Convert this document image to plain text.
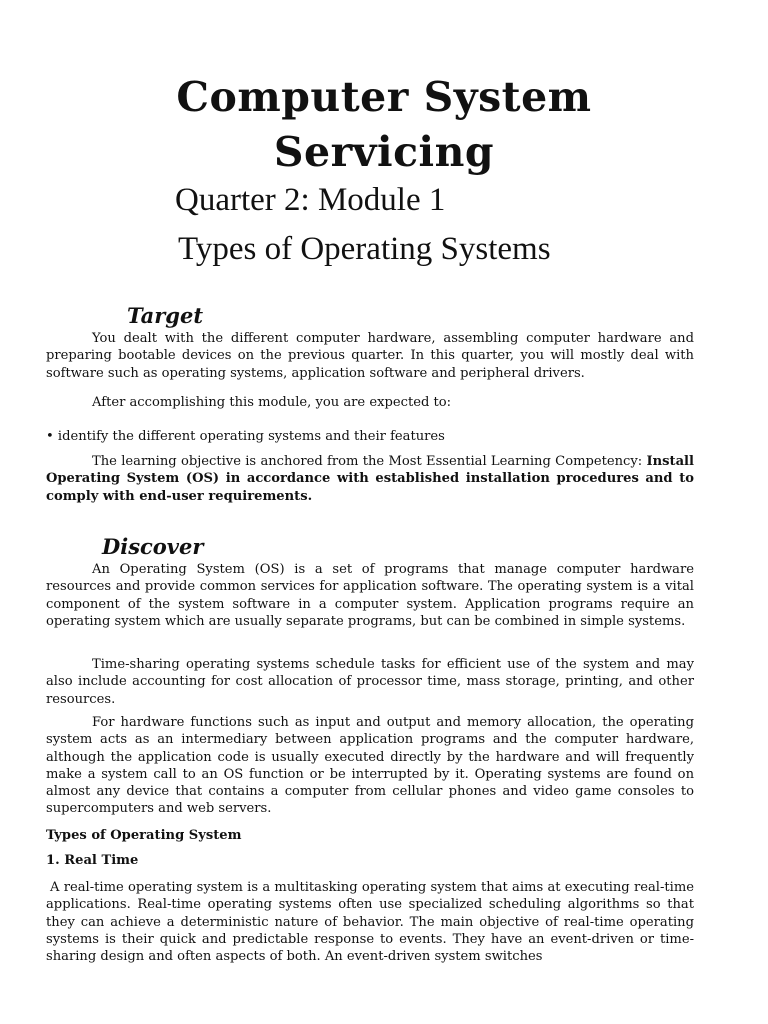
Computer System
Servicing
Quarter 2: Module 1
Types of Operating Systems
Target

You dealt with the different computer hardware, assembling computer hardware and preparing bootable devices on the previous quarter. In this quarter, you will mostly deal with software such as operating systems, application software and peripheral drivers.

After accomplishing this module, you are expected to:

• identify the different operating systems and their features

The learning objective is anchored from the Most Essential Learning Competency: Install Operating System (OS) in accordance with established installation procedures and to comply with end-user requirements.

Discover

An Operating System (OS) is a set of programs that manage computer hardware resources and provide common services for application software. The operating system is a vital component of the system software in a computer system. Application programs require an operating system which are usually separate programs, but can be combined in simple systems.

Time-sharing operating systems schedule tasks for efficient use of the system and may also include accounting for cost allocation of processor time, mass storage, printing, and other resources.

For hardware functions such as input and output and memory allocation, the operating system acts as an intermediary between application programs and the computer hardware, although the application code is usually executed directly by the hardware and will frequently make a system call to an OS function or be interrupted by it. Operating systems are found on almost any device that contains a computer from cellular phones and video game consoles to supercomputers and web servers.

Types of Operating System

1. Real Time

A real-time operating system is a multitasking operating system that aims at executing real-time applications. Real-time operating systems often use specialized scheduling algorithms so that they can achieve a deterministic nature of behavior. The main objective of real-time operating systems is their quick and predictable response to events. They have an event-driven or time-sharing design and often aspects of both. An event-driven system switches
